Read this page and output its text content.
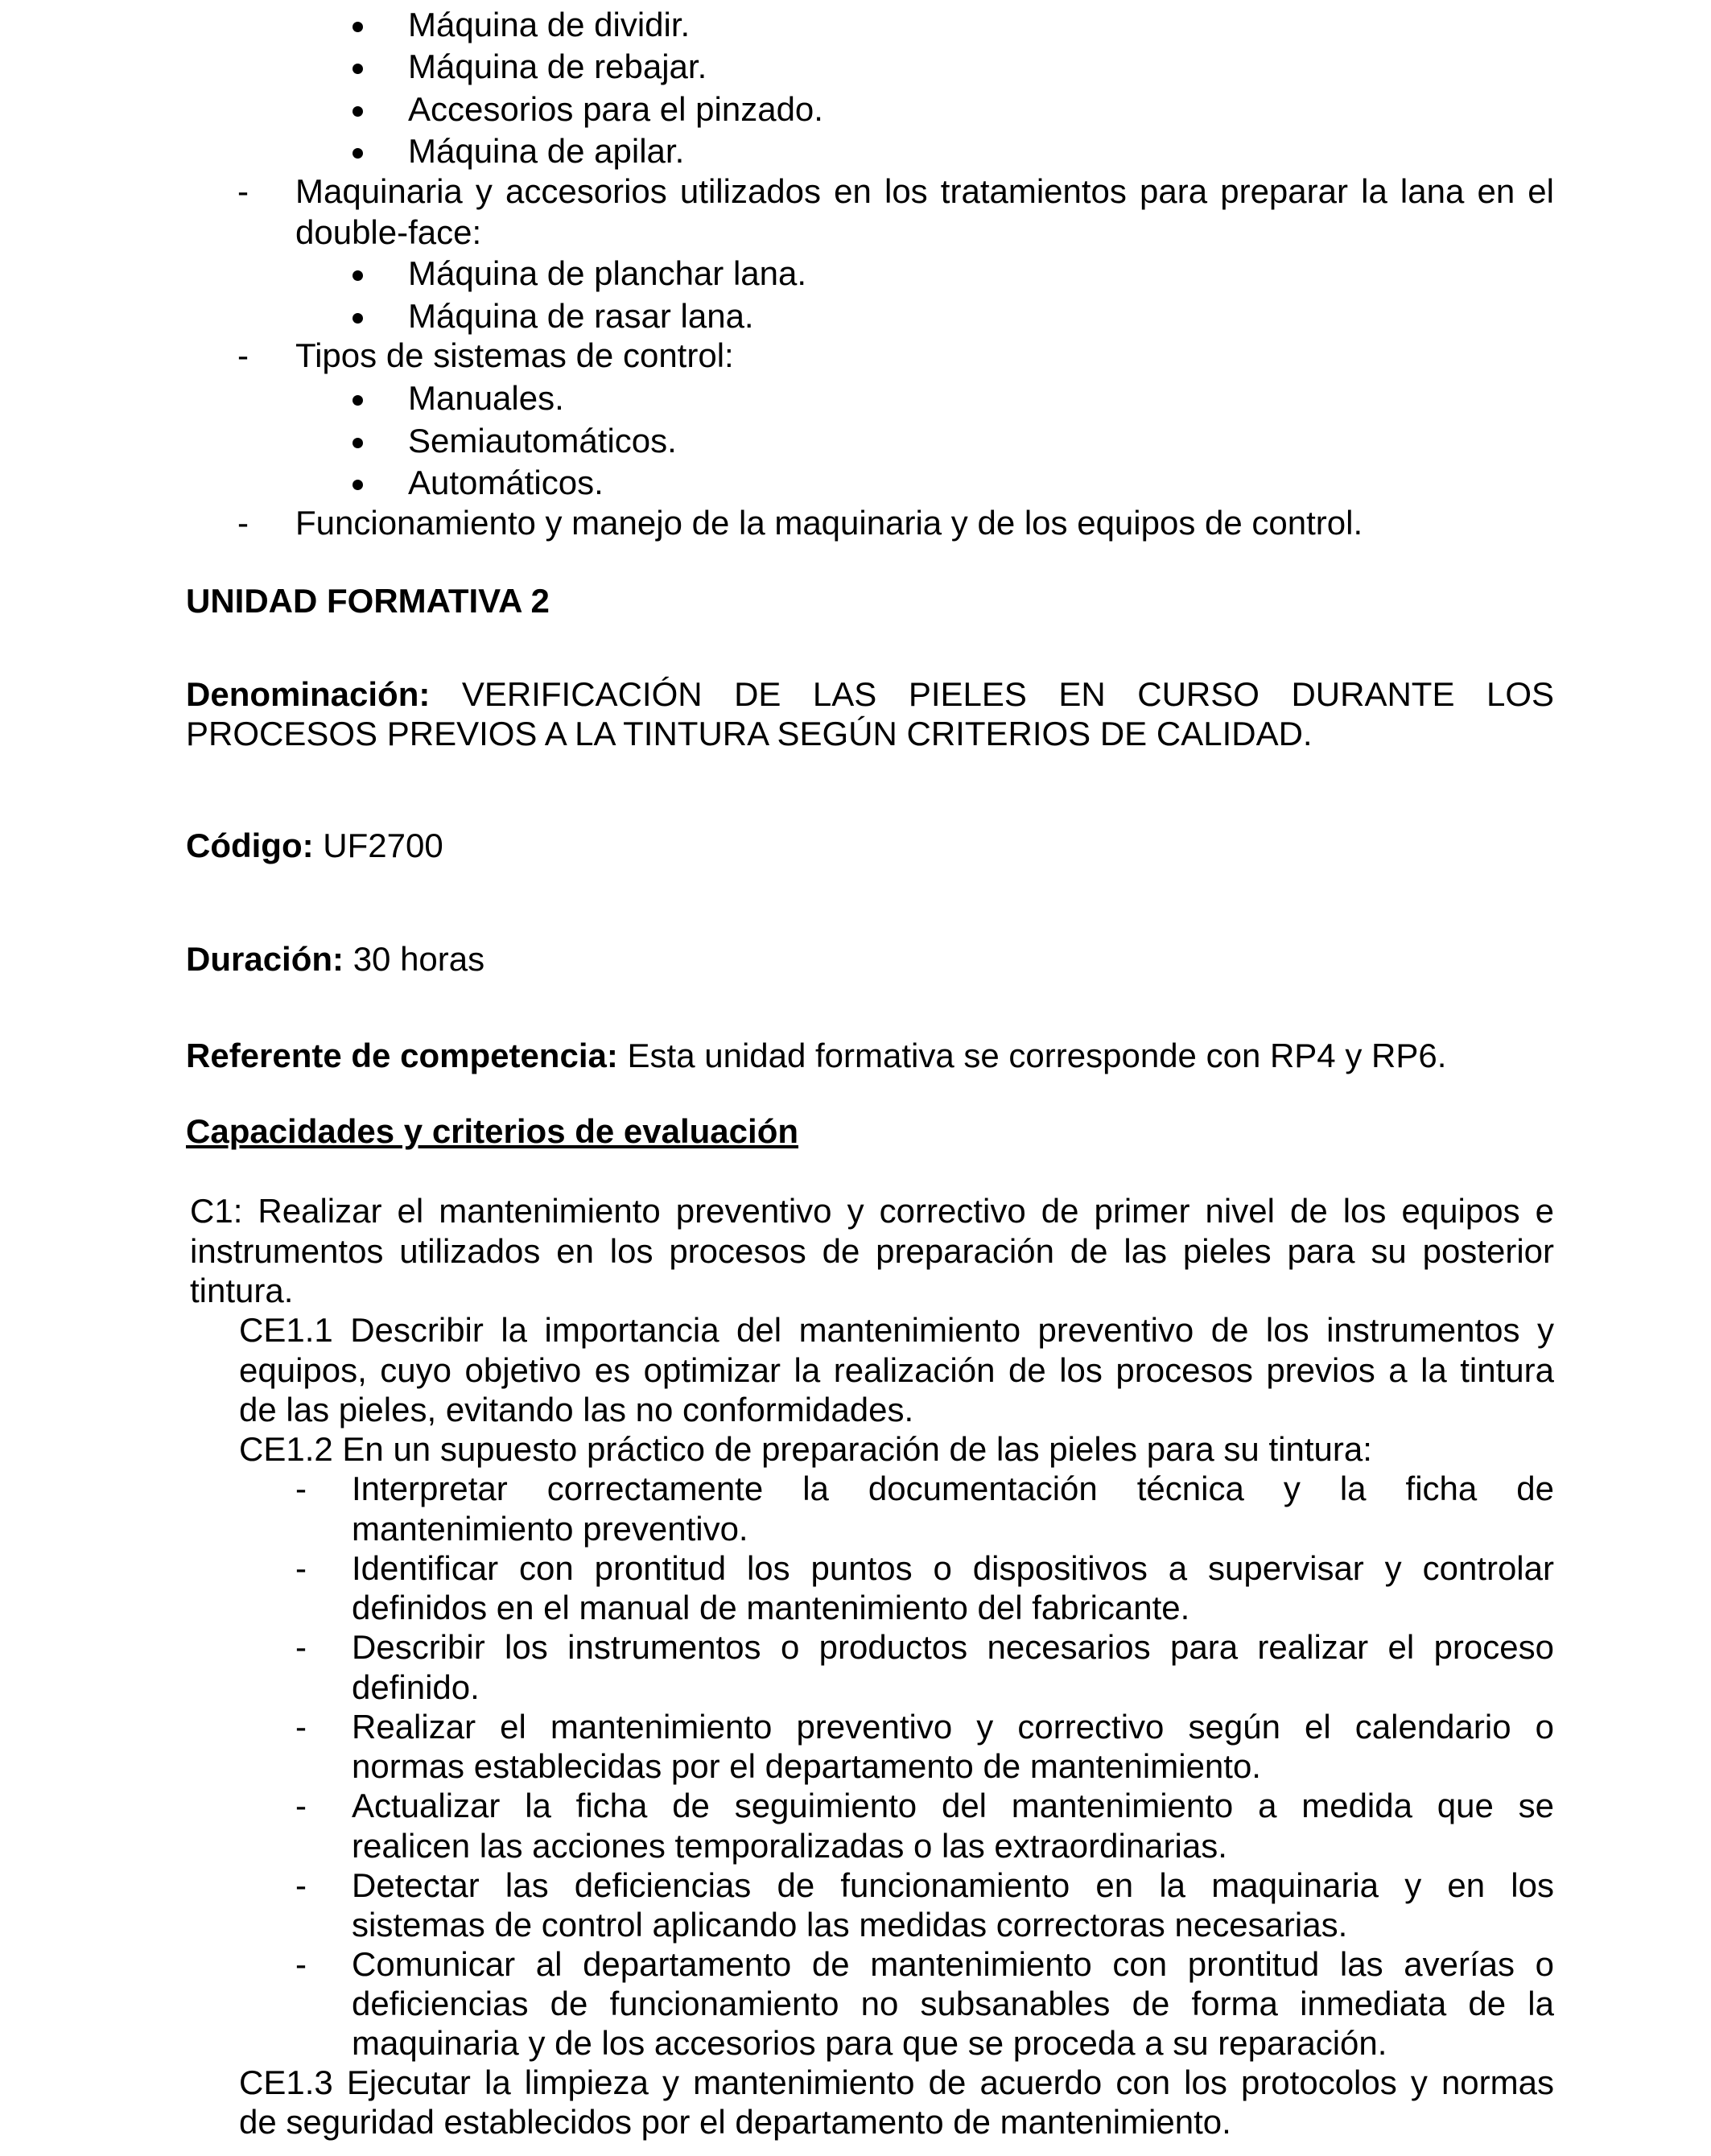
Máquina de dividir.
Máquina de rebajar.
Accesorios para el pinzado.
Máquina de apilar.
- Maquinaria y accesorios utilizados en los tratamientos para preparar la lana en el
double-face:
Máquina de planchar lana.
Máquina de rasar lana.
- Tipos de sistemas de control:
Manuales.
Semiautomáticos.
Automáticos.
- Funcionamiento y manejo de la maquinaria y de los equipos de control.
UNIDAD FORMATIVA 2
Denominación: VERIFICACIÓN DE LAS PIELES EN CURSO DURANTE LOS
PROCESOS PREVIOS A LA TINTURA SEGÚN CRITERIOS DE CALIDAD.
Código: UF2700
Duración: 30 horas
Referente de competencia: Esta unidad formativa se corresponde con RP4 y RP6.
Capacidades y criterios de evaluación
C1: Realizar el mantenimiento preventivo y correctivo de primer nivel de los equipos e
instrumentos utilizados en los procesos de preparación de las pieles para su posterior
tintura.
CE1.1 Describir la importancia del mantenimiento preventivo de los instrumentos y
equipos, cuyo objetivo es optimizar la realización de los procesos previos a la tintura
de las pieles, evitando las no conformidades.
CE1.2 En un supuesto práctico de preparación de las pieles para su tintura:
- Interpretar correctamente la documentación técnica y la ficha de
mantenimiento preventivo.
- Identificar con prontitud los puntos o dispositivos a supervisar y controlar
definidos en el manual de mantenimiento del fabricante.
- Describir los instrumentos o productos necesarios para realizar el proceso
definido.
- Realizar el mantenimiento preventivo y correctivo según el calendario o
normas establecidas por el departamento de mantenimiento.
- Actualizar la ficha de seguimiento del mantenimiento a medida que se
realicen las acciones temporalizadas o las extraordinarias.
- Detectar las deficiencias de funcionamiento en la maquinaria y en los
sistemas de control aplicando las medidas correctoras necesarias.
- Comunicar al departamento de mantenimiento con prontitud las averías o
deficiencias de funcionamiento no subsanables de forma inmediata de la
maquinaria y de los accesorios para que se proceda a su reparación.
CE1.3 Ejecutar la limpieza y mantenimiento de acuerdo con los protocolos y normas
de seguridad establecidos por el departamento de mantenimiento.
